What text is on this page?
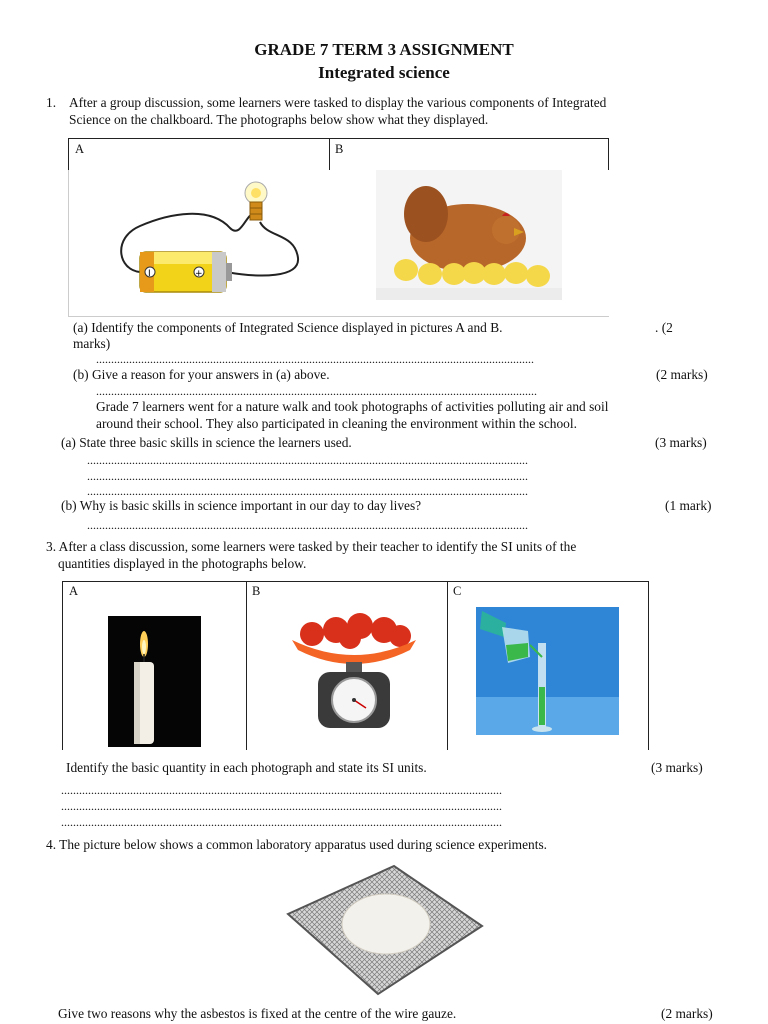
GRADE 7 TERM 3 ASSIGNMENT
Integrated science
1. After a group discussion, some learners were tasked to display the various components of Integrated
Science on the chalkboard. The photographs below show what they displayed.
A	B
I	+
(a) Identify the components of Integrated Science displayed in pictures A and B.	. (2
marks)
..................................................................................................................................................
(b) Give a reason for your answers in (a) above.	(2 marks)
...................................................................................................................................................
Grade 7 learners went for a nature walk and took photographs of activities polluting air and soil
around their school. They also participated in cleaning the environment within the school.
(a) State three basic skills in science the learners used.	(3 marks)
...................................................................................................................................................
...................................................................................................................................................
...................................................................................................................................................
(b) Why is basic skills in science important in our day to day lives?	(1 mark)
...................................................................................................................................................
3. After a class discussion, some learners were tasked by their teacher to identify the SI units of the
quantities displayed in the photographs below.
A	B	C
Identify the basic quantity in each photograph and state its SI units.	(3 marks)
...................................................................................................................................................
...................................................................................................................................................
...................................................................................................................................................
4. The picture below shows a common laboratory apparatus used during science experiments.
Give two reasons why the asbestos is fixed at the centre of the wire gauze.	(2 marks)
